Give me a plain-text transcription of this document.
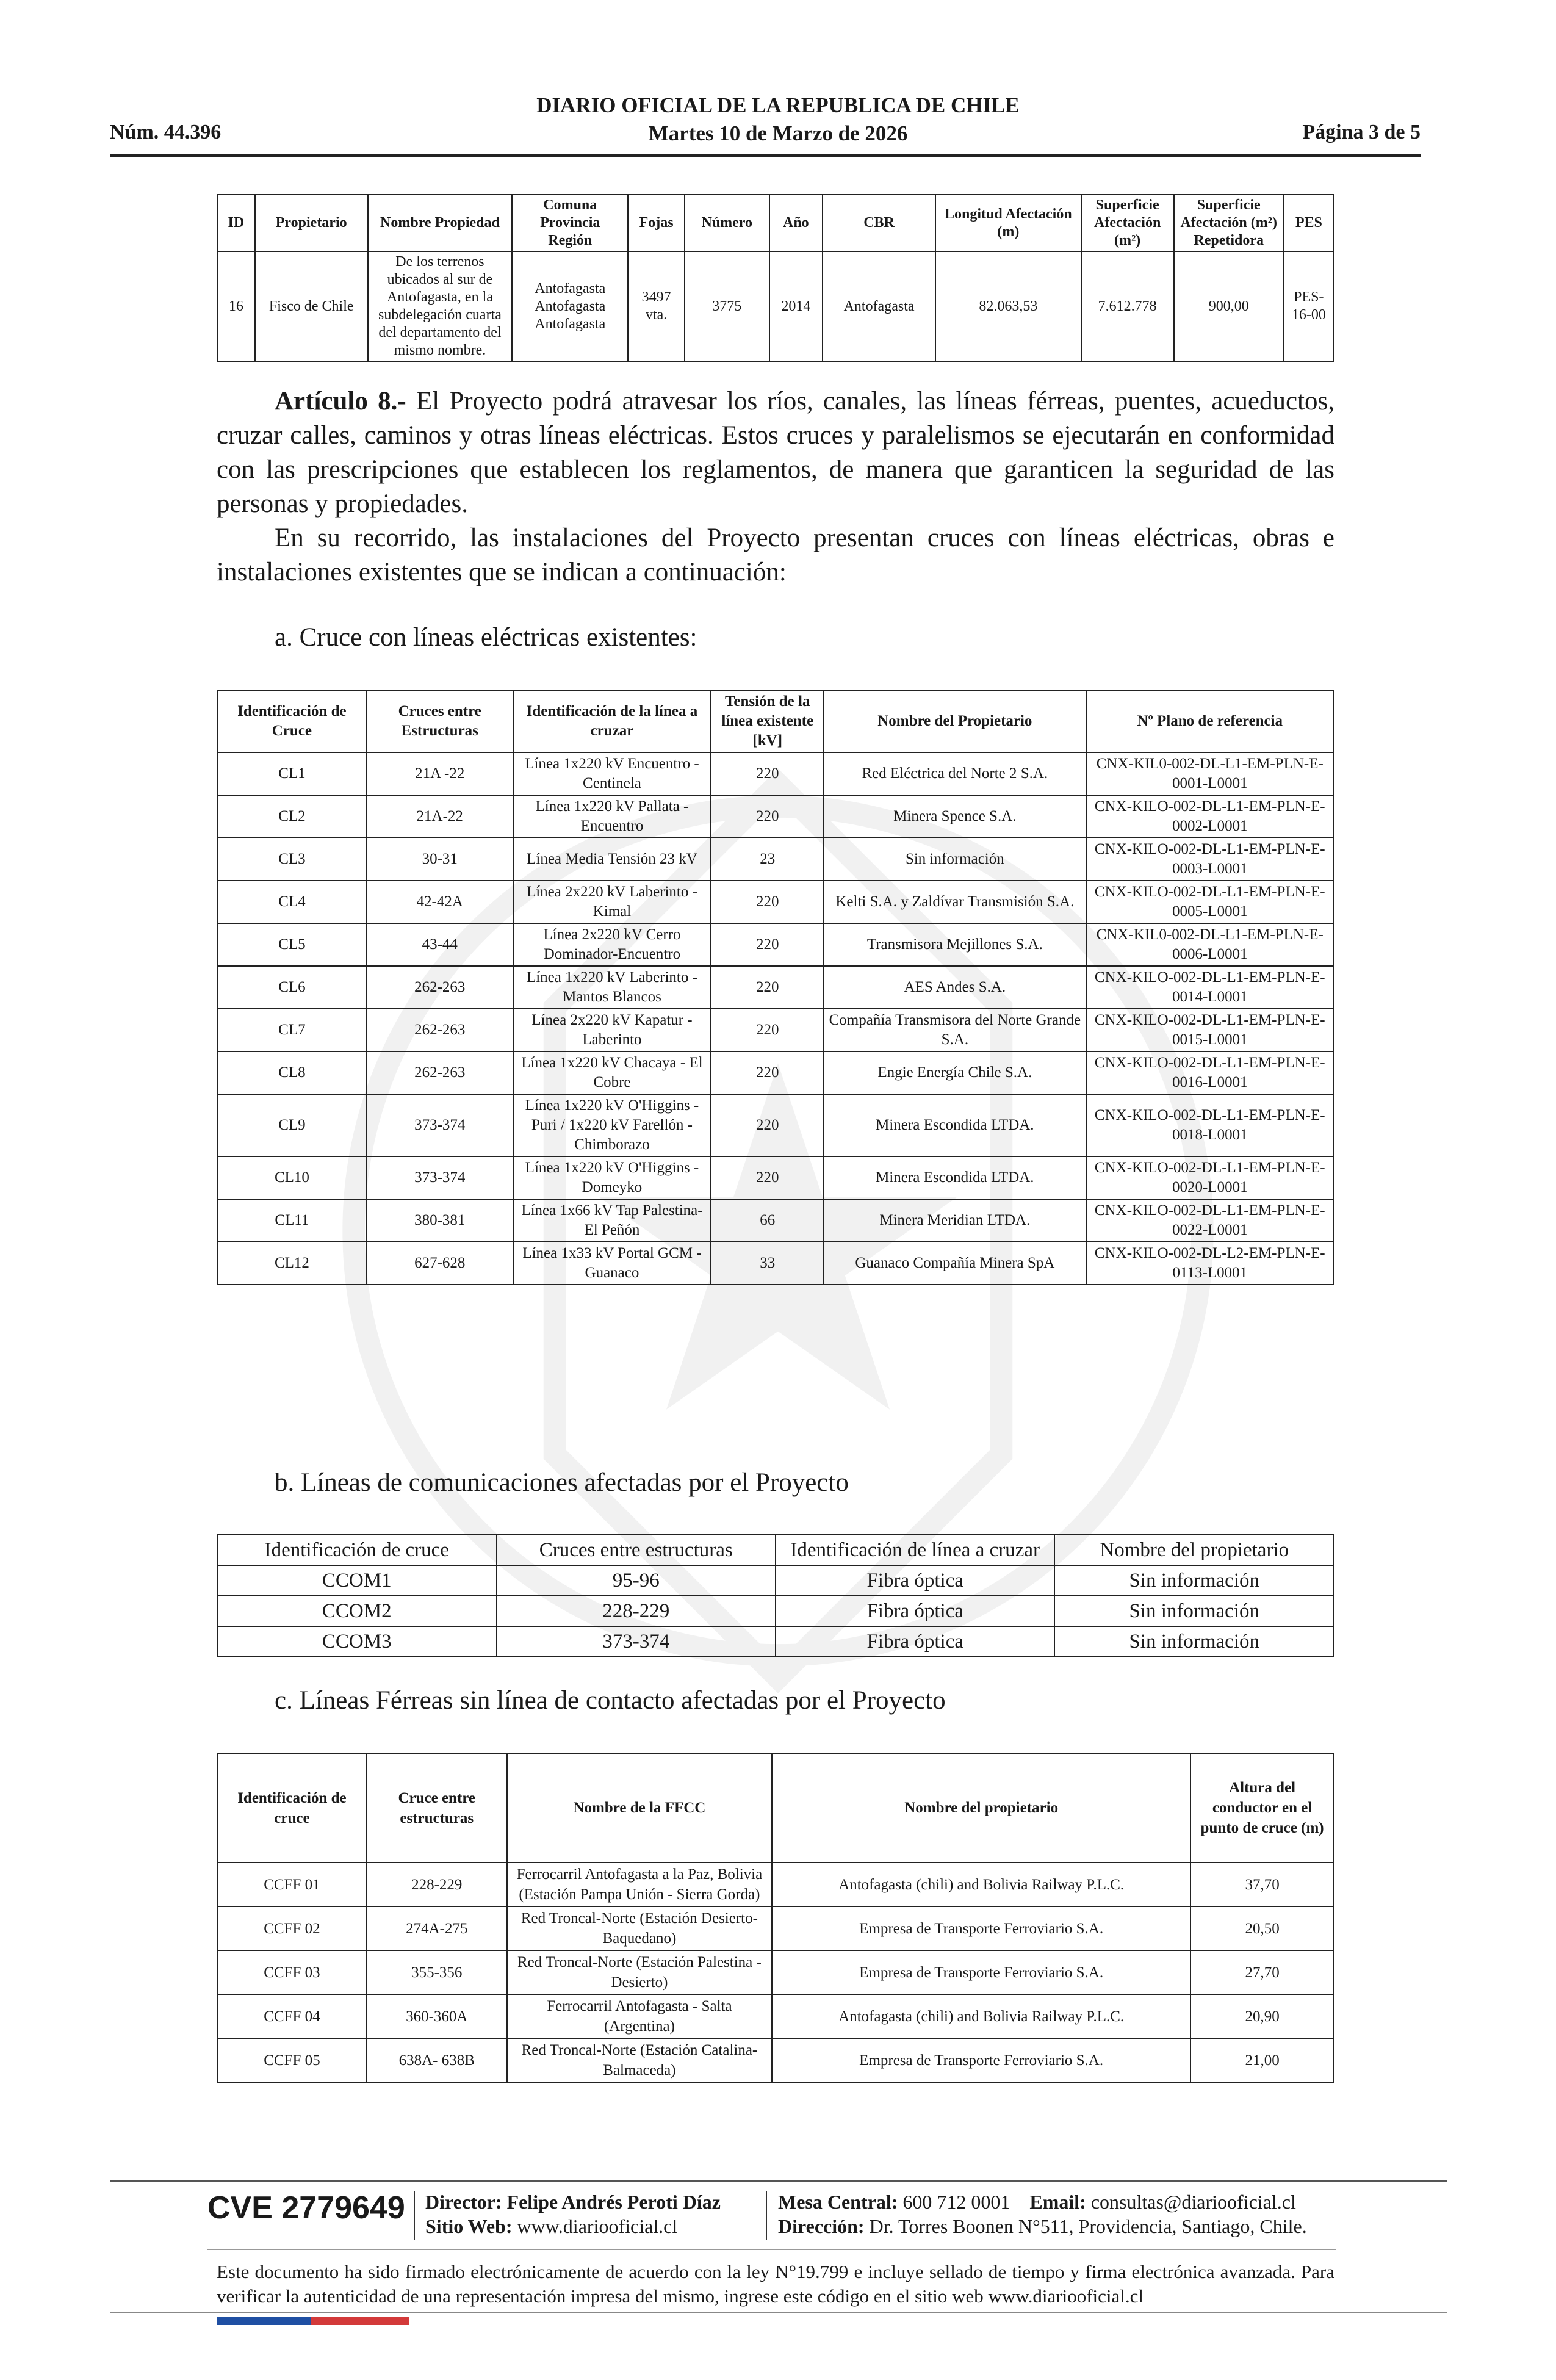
Núm. 44.396
DIARIO OFICIAL DE LA REPUBLICA DE CHILE
Martes 10 de Marzo de 2026	Página 3 de 5
ID	Propietario	Nombre Propiedad	Comuna Provincia Región	Fojas	Número	Año	CBR	Longitud Afectación (m)	Superficie Afectación (m²)	Superficie Afectación (m²) Repetidora	PES
16	Fisco de Chile	De los terrenos ubicados al sur de Antofagasta, en la subdelegación cuarta del departamento del mismo nombre.	Antofagasta Antofagasta Antofagasta	3497 vta.	3775	2014	Antofagasta	82.063,53	7.612.778	900,00	PES-16-00

Artículo 8.- El Proyecto podrá atravesar los ríos, canales, las líneas férreas, puentes, acueductos, cruzar calles, caminos y otras líneas eléctricas. Estos cruces y paralelismos se ejecutarán en conformidad con las prescripciones que establecen los reglamentos, de manera que garanticen la seguridad de las personas y propiedades.

En su recorrido, las instalaciones del Proyecto presentan cruces con líneas eléctricas, obras e instalaciones existentes que se indican a continuación:

a. Cruce con líneas eléctricas existentes:
Identificación de Cruce	Cruces entre Estructuras	Identificación de la línea a cruzar	Tensión de la línea existente [kV]	Nombre del Propietario	Nº Plano de referencia
CL1	21A -22	Línea 1x220 kV Encuentro - Centinela	220	Red Eléctrica del Norte 2 S.A.	CNX-KIL0-002-DL-L1-EM-PLN-E-0001-L0001
CL2	21A-22	Línea 1x220 kV Pallata - Encuentro	220	Minera Spence S.A.	CNX-KILO-002-DL-L1-EM-PLN-E-0002-L0001
CL3	30-31	Línea Media Tensión 23 kV	23	Sin información	CNX-KILO-002-DL-L1-EM-PLN-E-0003-L0001
CL4	42-42A	Línea 2x220 kV Laberinto - Kimal	220	Kelti S.A. y Zaldívar Transmisión S.A.	CNX-KILO-002-DL-L1-EM-PLN-E-0005-L0001
CL5	43-44	Línea 2x220 kV Cerro Dominador-Encuentro	220	Transmisora Mejillones S.A.	CNX-KIL0-002-DL-L1-EM-PLN-E-0006-L0001
CL6	262-263	Línea 1x220 kV Laberinto - Mantos Blancos	220	AES Andes S.A.	CNX-KILO-002-DL-L1-EM-PLN-E-0014-L0001
CL7	262-263	Línea 2x220 kV Kapatur - Laberinto	220	Compañía Transmisora del Norte Grande S.A.	CNX-KILO-002-DL-L1-EM-PLN-E-0015-L0001
CL8	262-263	Línea 1x220 kV Chacaya - El Cobre	220	Engie Energía Chile S.A.	CNX-KILO-002-DL-L1-EM-PLN-E-0016-L0001
CL9	373-374	Línea 1x220 kV O'Higgins - Puri / 1x220 kV Farellón - Chimborazo	220	Minera Escondida LTDA.	CNX-KILO-002-DL-L1-EM-PLN-E-0018-L0001
CL10	373-374	Línea 1x220 kV O'Higgins - Domeyko	220	Minera Escondida LTDA.	CNX-KILO-002-DL-L1-EM-PLN-E-0020-L0001
CL11	380-381	Línea 1x66 kV Tap Palestina-El Peñón	66	Minera Meridian LTDA.	CNX-KILO-002-DL-L1-EM-PLN-E-0022-L0001
CL12	627-628	Línea 1x33 kV Portal GCM - Guanaco	33	Guanaco Compañía Minera SpA	CNX-KILO-002-DL-L2-EM-PLN-E-0113-L0001
b. Líneas de comunicaciones afectadas por el Proyecto
Identificación de cruce	Cruces entre estructuras	Identificación de línea a cruzar	Nombre del propietario
CCOM1	95-96	Fibra óptica	Sin información
CCOM2	228-229	Fibra óptica	Sin información
CCOM3	373-374	Fibra óptica	Sin información
c. Líneas Férreas sin línea de contacto afectadas por el Proyecto
Identificación de cruce	Cruce entre estructuras	Nombre de la FFCC	Nombre del propietario	Altura del conductor en el punto de cruce (m)
CCFF 01	228-229	Ferrocarril Antofagasta a la Paz, Bolivia (Estación Pampa Unión - Sierra Gorda)	Antofagasta (chili) and Bolivia Railway P.L.C.	37,70
CCFF 02	274A-275	Red Troncal-Norte (Estación Desierto- Baquedano)	Empresa de Transporte Ferroviario S.A.	20,50
CCFF 03	355-356	Red Troncal-Norte (Estación Palestina - Desierto)	Empresa de Transporte Ferroviario S.A.	27,70
CCFF 04	360-360A	Ferrocarril Antofagasta - Salta (Argentina)	Antofagasta (chili) and Bolivia Railway P.L.C.	20,90
CCFF 05	638A- 638B	Red Troncal-Norte (Estación Catalina- Balmaceda)	Empresa de Transporte Ferroviario S.A.	21,00
CVE 2779649 Director: Felipe Andrés Peroti Díaz
Sitio Web: www.diariooficial.cl
Mesa Central: 600 712 0001 Email: consultas@diariooficial.cl
Dirección: Dr. Torres Boonen N°511, Providencia, Santiago, Chile.
Este documento ha sido firmado electrónicamente de acuerdo con la ley N°19.799 e incluye sellado de tiempo y firma electrónica avanzada. Para verificar la autenticidad de una representación impresa del mismo, ingrese este código en el sitio web www.diariooficial.cl
